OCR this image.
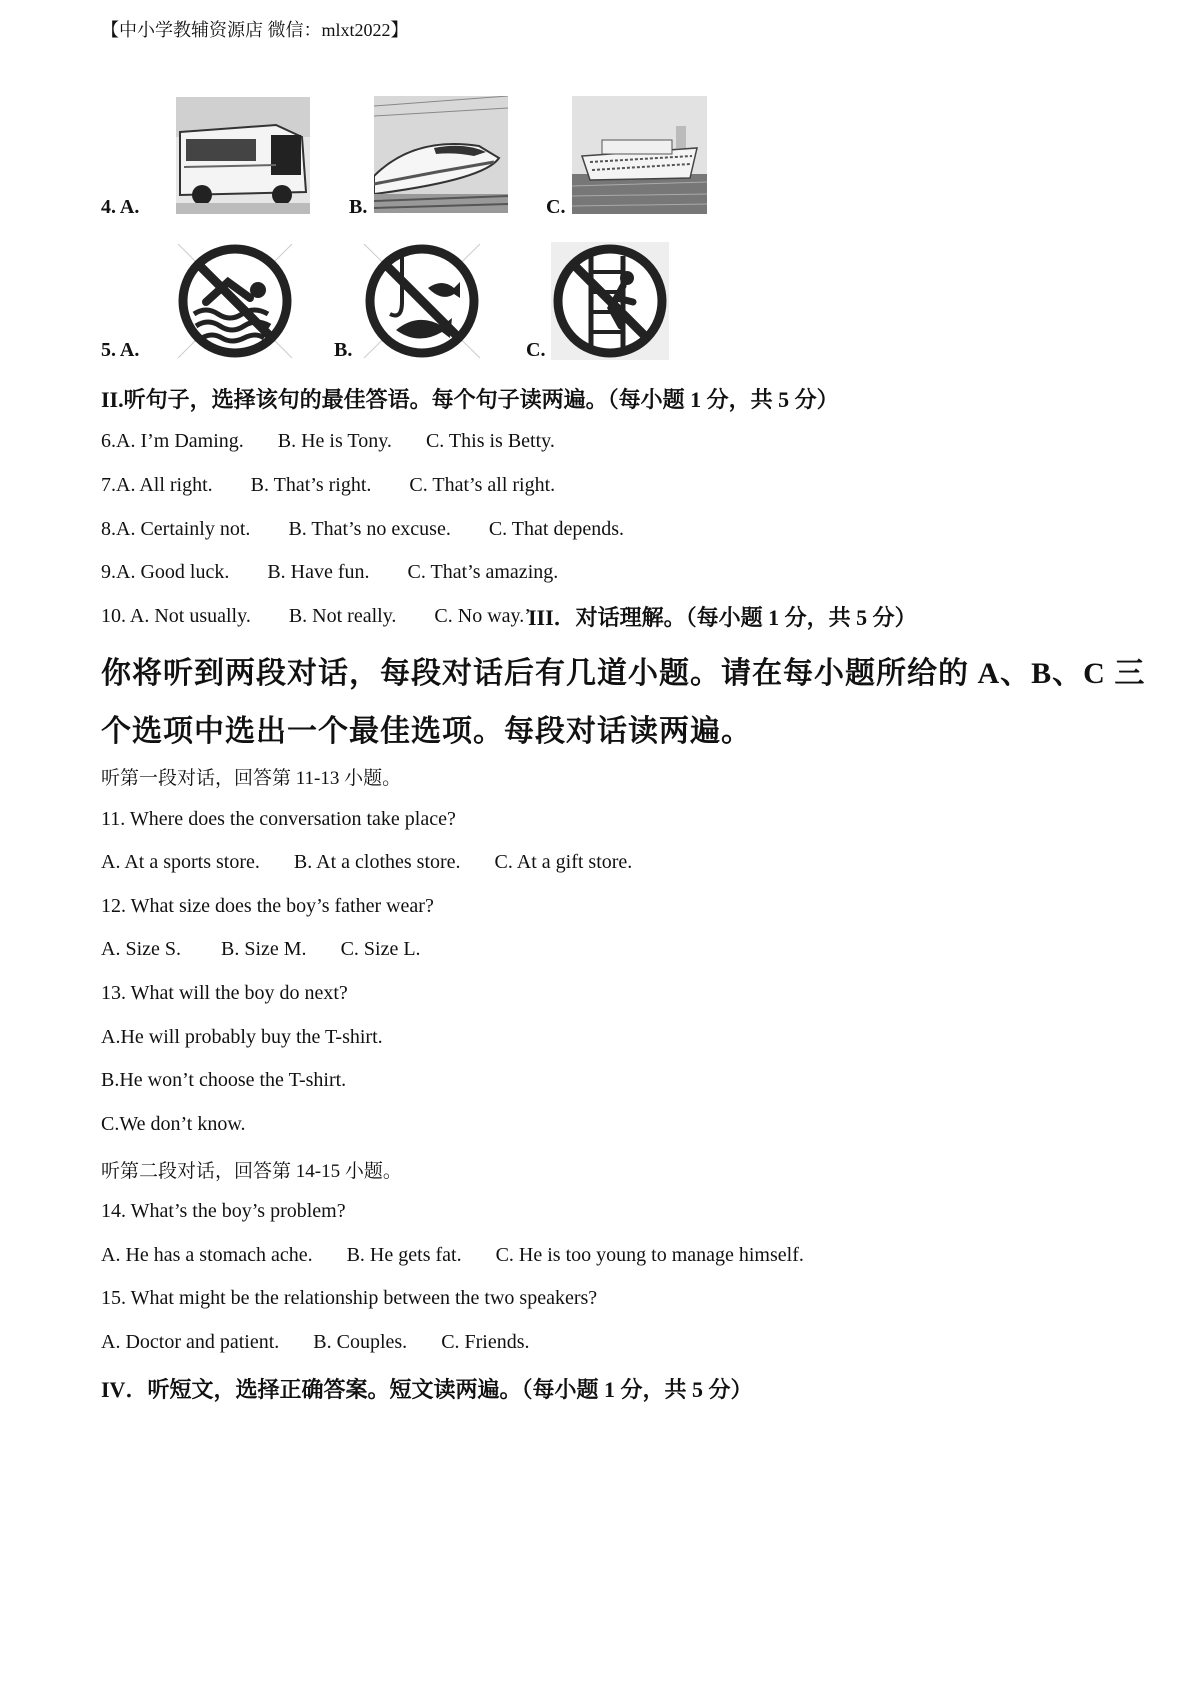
【中小学教辅资源店 微信：mlxt2022】
4. A.	B.	C.
5. A.	B.	C.
II.听句子，选择该句的最佳答语。每个句子读两遍。（每小题 1 分，共 5 分）
6.A. I’m Daming. B. He is Tony. C. This is Betty.
7.A. All right. B. That’s right. C. That’s all right.
8.A. Certainly not. B. That’s no excuse. C. That depends.
9.A. Good luck. B. Have fun. C. That’s amazing.
10. A. Not usually. B. Not really. C. No way.’
III．对话理解。（每小题 1 分，共 5 分）
你将听到两段对话，每段对话后有几道小题。请在每小题所给的 A、B、C 三
个选项中选出一个最佳选项。每段对话读两遍。
听第一段对话，回答第 11-13 小题。
11. Where does the conversation take place?
A. At a sports store. B. At a clothes store. C. At a gift store.
12. What size does the boy’s father wear?
A. Size S. B. Size M. C. Size L.
13. What will the boy do next?
A.He will probably buy the T-shirt.
B.He won’t choose the T-shirt.
C.We don’t know.
听第二段对话，回答第 14-15 小题。
14. What’s the boy’s problem?
A. He has a stomach ache. B. He gets fat. C. He is too young to manage himself.
15. What might be the relationship between the two speakers?
A. Doctor and patient. B. Couples. C. Friends.
IV．听短文，选择正确答案。短文读两遍。（每小题 1 分，共 5 分）
